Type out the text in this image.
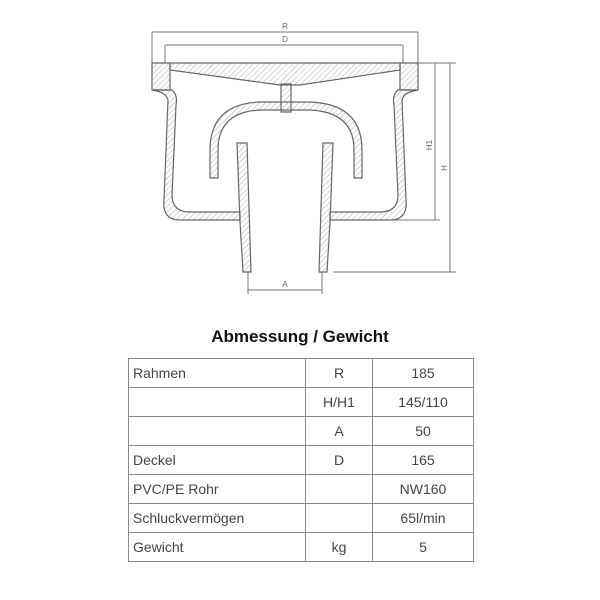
R
D
H1
H
A
Abmessung / Gewicht
Rahmen	R	185
	H/H1	145/110
	A	50
Deckel	D	165
PVC/PE Rohr		NW160
Schluckvermögen		65l/min
Gewicht	kg	5
